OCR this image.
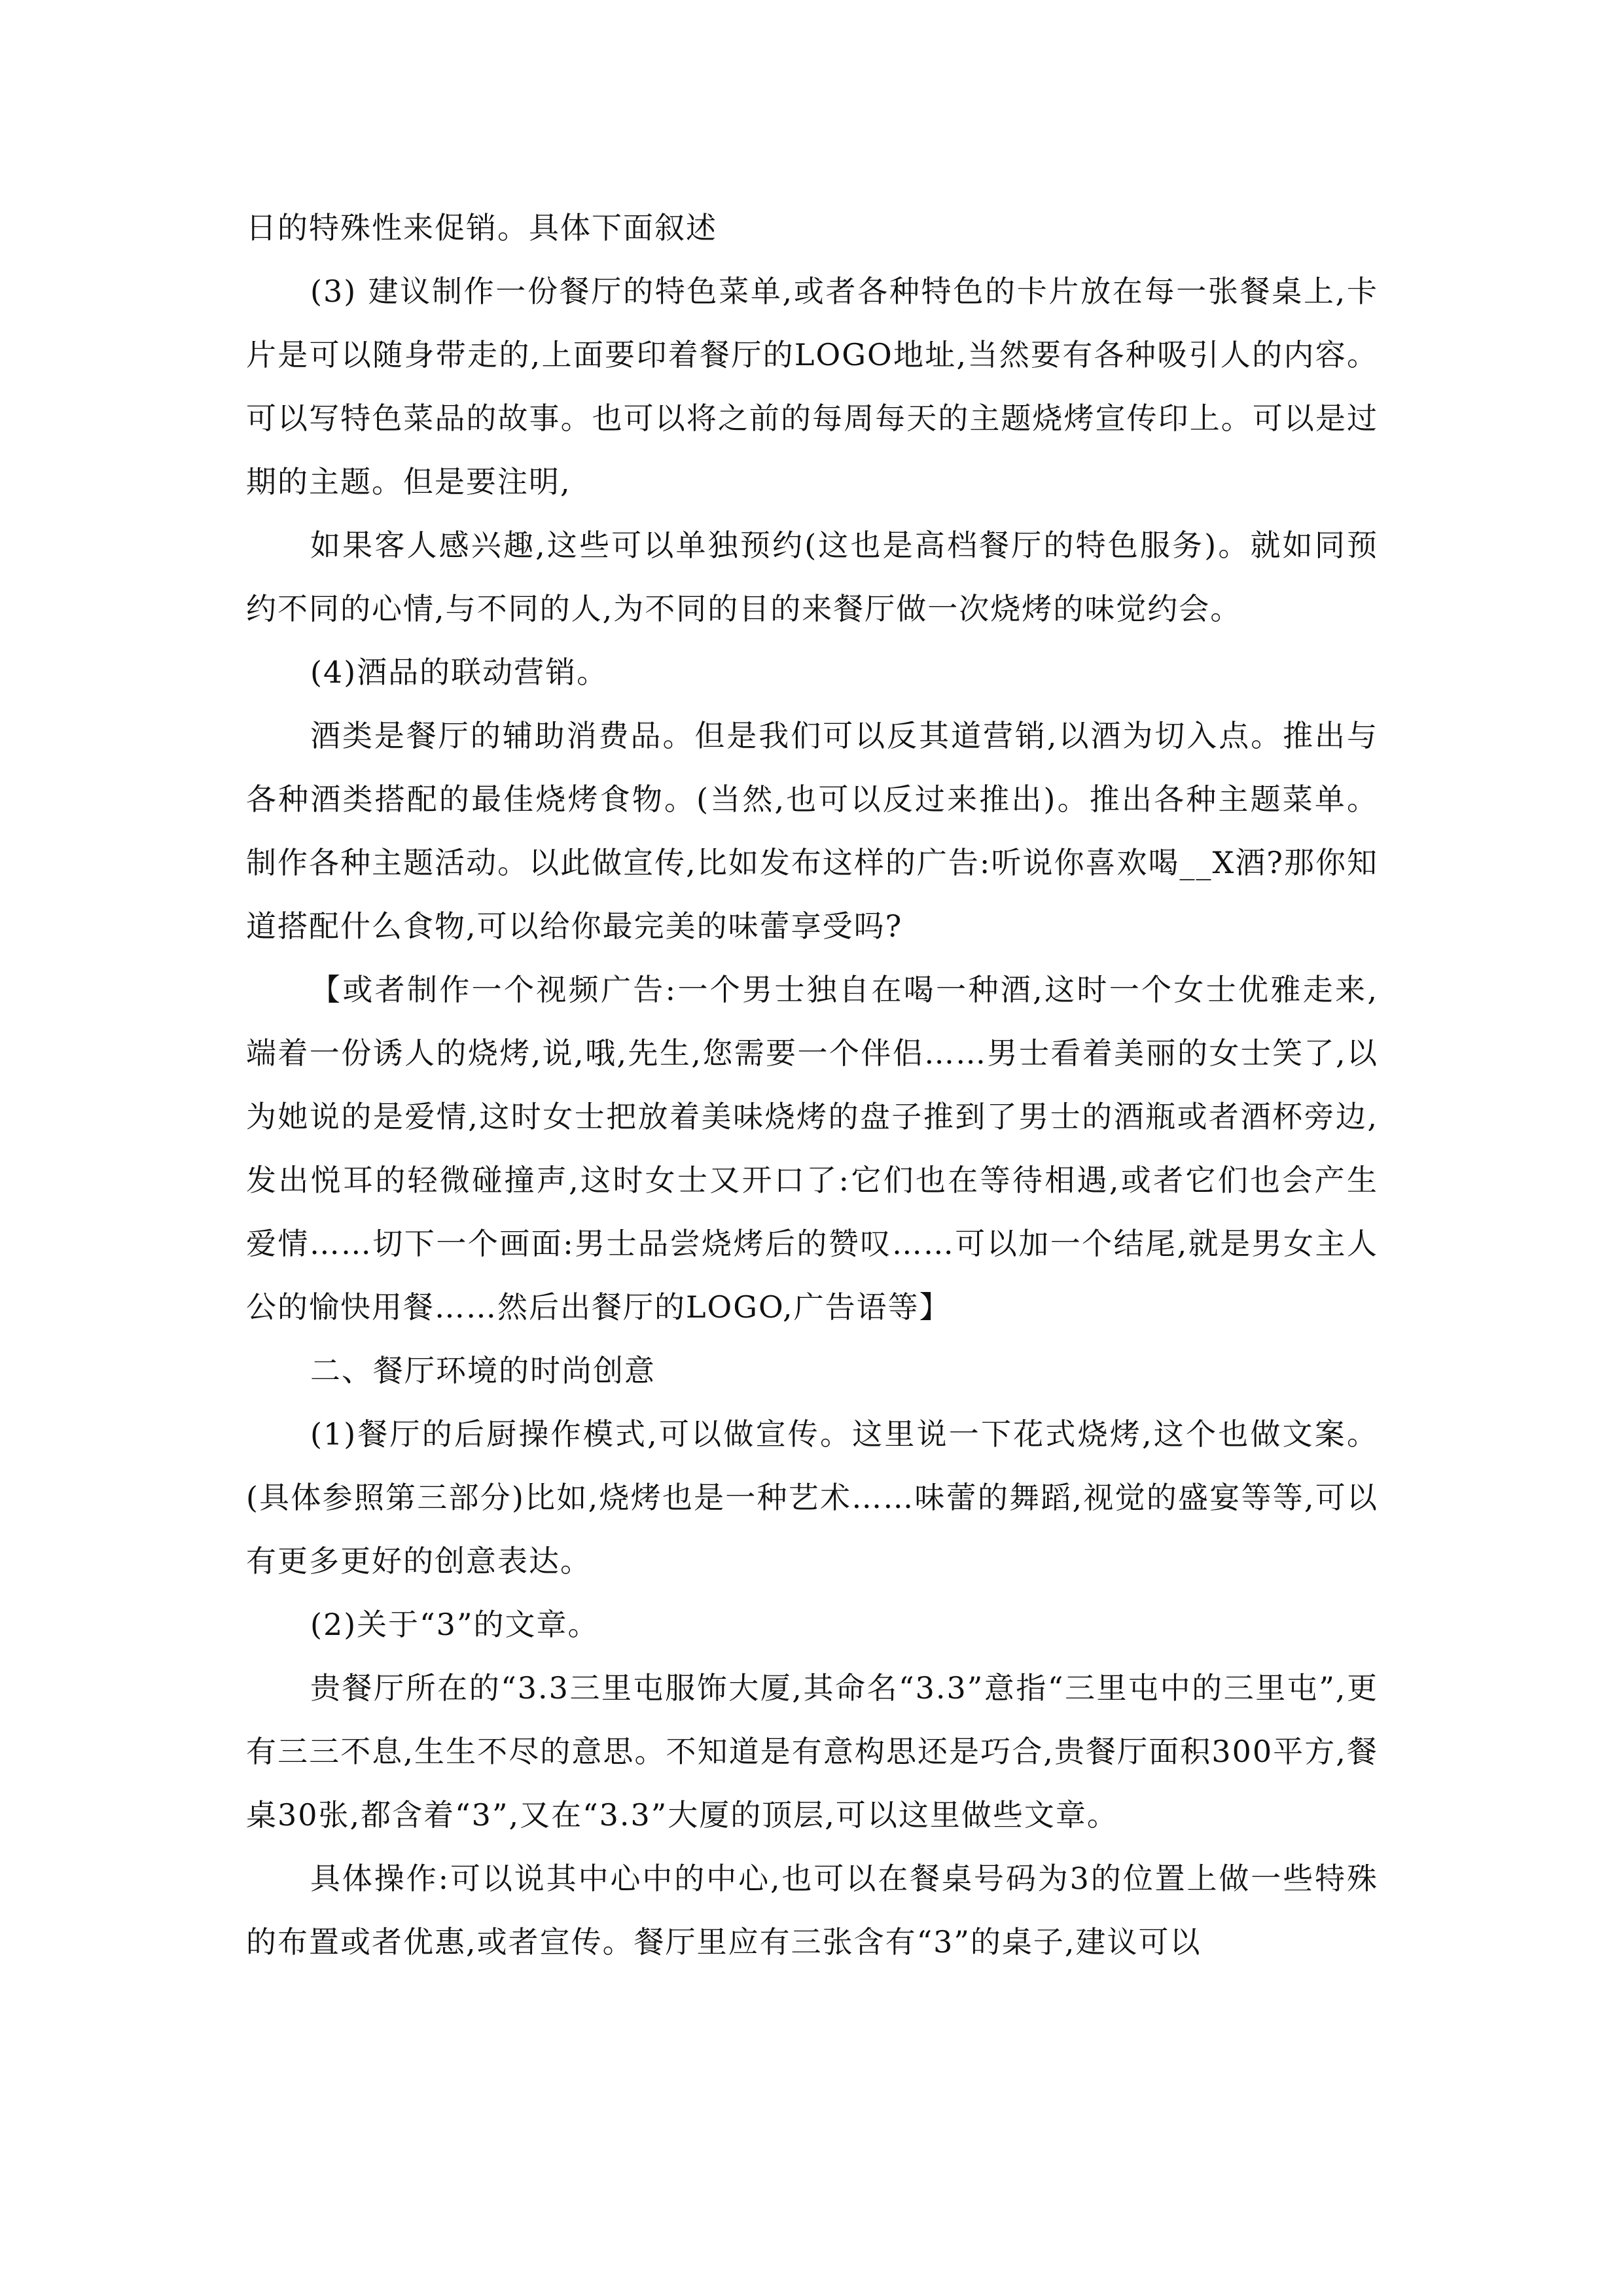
日的特殊性来促销。具体下面叙述

(3) 建议制作一份餐厅的特色菜单,或者各种特色的卡片放在每一张餐桌上,卡片是可以随身带走的,上面要印着餐厅的LOGO地址,当然要有各种吸引人的内容。可以写特色菜品的故事。也可以将之前的每周每天的主题烧烤宣传印上。可以是过期的主题。但是要注明,

如果客人感兴趣,这些可以单独预约(这也是高档餐厅的特色服务)。就如同预约不同的心情,与不同的人,为不同的目的来餐厅做一次烧烤的味觉约会。

(4)酒品的联动营销。

酒类是餐厅的辅助消费品。但是我们可以反其道营销,以酒为切入点。推出与各种酒类搭配的最佳烧烤食物。(当然,也可以反过来推出)。推出各种主题菜单。制作各种主题活动。以此做宣传,比如发布这样的广告:听说你喜欢喝__X酒?那你知道搭配什么食物,可以给你最完美的味蕾享受吗?

【或者制作一个视频广告:一个男士独自在喝一种酒,这时一个女士优雅走来,端着一份诱人的烧烤,说,哦,先生,您需要一个伴侣……男士看着美丽的女士笑了,以为她说的是爱情,这时女士把放着美味烧烤的盘子推到了男士的酒瓶或者酒杯旁边,发出悦耳的轻微碰撞声,这时女士又开口了:它们也在等待相遇,或者它们也会产生爱情……切下一个画面:男士品尝烧烤后的赞叹……可以加一个结尾,就是男女主人公的愉快用餐……然后出餐厅的LOGO,广告语等】

二、餐厅环境的时尚创意

(1)餐厅的后厨操作模式,可以做宣传。这里说一下花式烧烤,这个也做文案。(具体参照第三部分)比如,烧烤也是一种艺术……味蕾的舞蹈,视觉的盛宴等等,可以有更多更好的创意表达。

(2)关于“3”的文章。

贵餐厅所在的“3.3三里屯服饰大厦,其命名“3.3”意指“三里屯中的三里屯”,更有三三不息,生生不尽的意思。不知道是有意构思还是巧合,贵餐厅面积300平方,餐桌30张,都含着“3”,又在“3.3”大厦的顶层,可以这里做些文章。

具体操作:可以说其中心中的中心,也可以在餐桌号码为3的位置上做一些特殊的布置或者优惠,或者宣传。餐厅里应有三张含有“3”的桌子,建议可以
